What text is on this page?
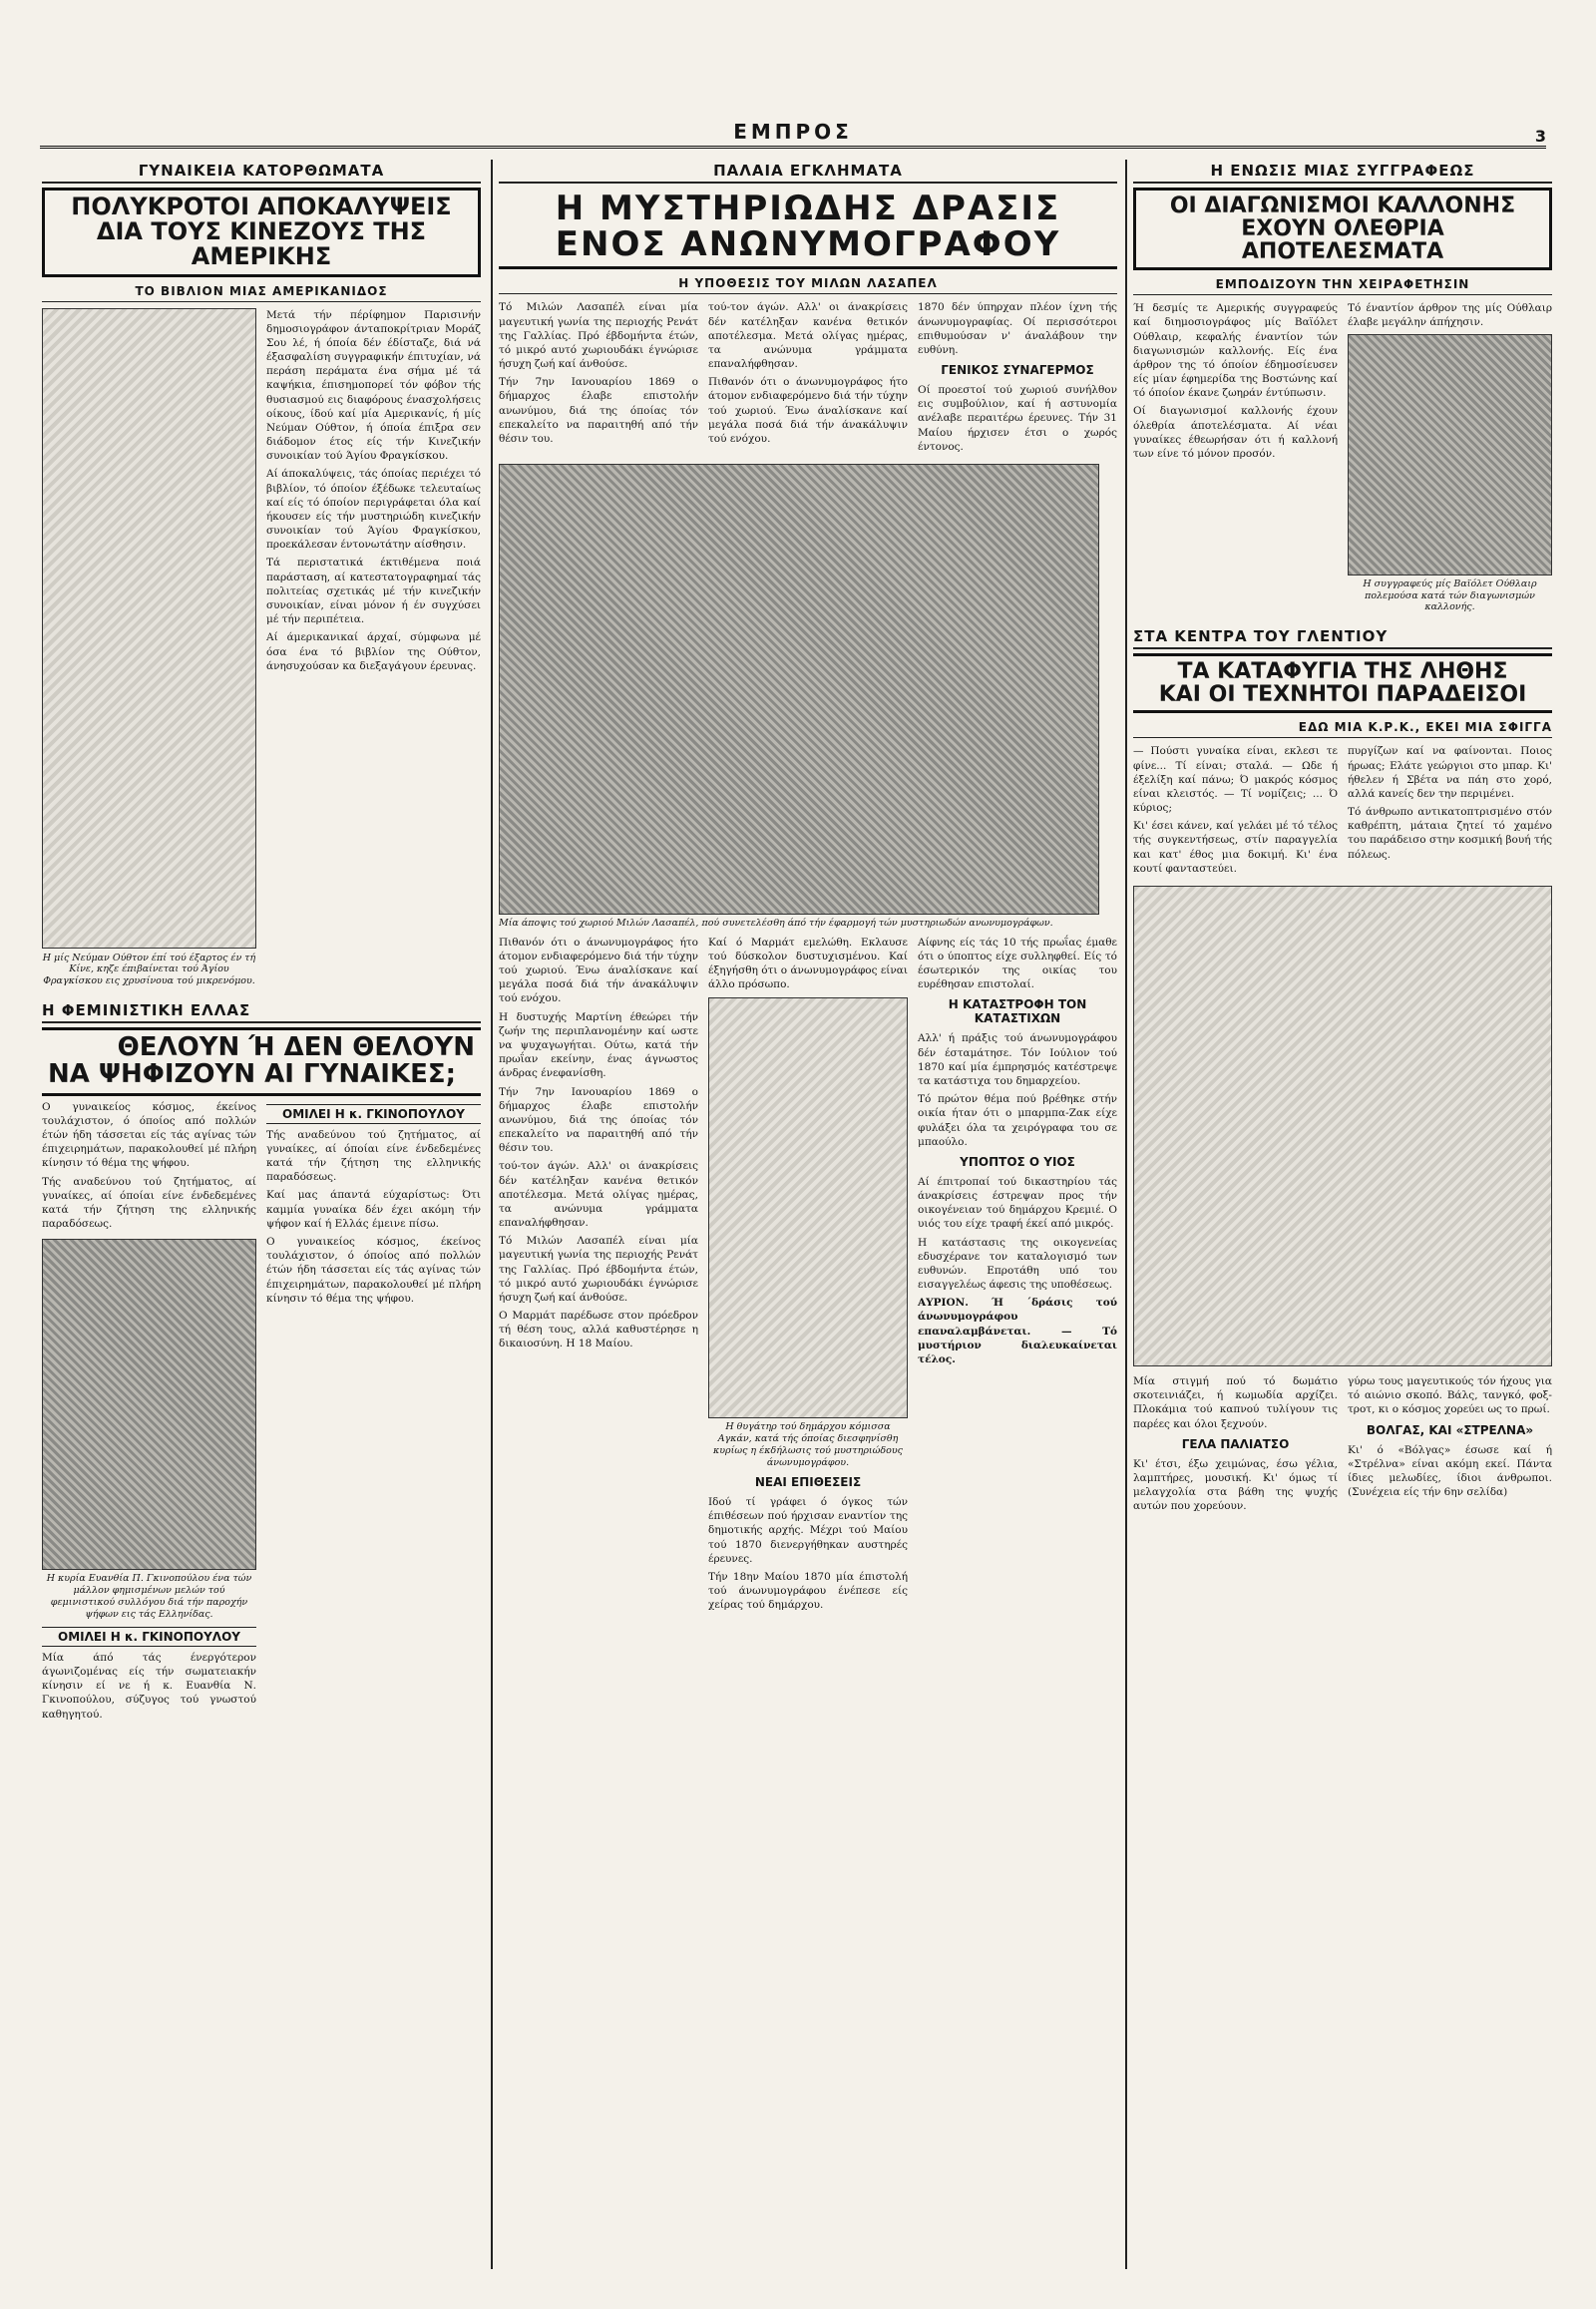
ΕΜΠΡΟΣ	3
ΓΥΝΑΙΚΕΙΑ ΚΑΤΟΡΘΩΜΑΤΑ
ΠΟΛΥΚΡΟΤΟΙ ΑΠΟΚΑΛΥΨΕΙΣ
ΔΙΑ ΤΟΥΣ ΚΙΝΕΖΟΥΣ ΤΗΣ ΑΜΕΡΙΚΗΣ
ΤΟ ΒΙΒΛΙΟΝ ΜΙΑΣ ΑΜΕΡΙΚΑΝΙΔΟΣ

Η μίς Νεύμαν Ούθτον έπί τού έξαρτος έν τή Κίνε, κηζε έπιβαίνεται τού Άγίου Φραγκίσκου εις χρυσίνουα τού μικρενόμου.

Μετά τήν πέρίφημον Παρισινήν δημοσιογράφον άνταποκρίτριαν Μοράζ Σου λέ, ή όποία δέν έδίσταζε, διά νά έξασφαλίση συγγραφικήν έπιτυχίαν, νά περάση περάματα ένα σήμα μέ τά καψήκια, έπισημοπορεί τόν φόβον τής θυσιασμού εις διαφόρους ένασχολήσεις οίκους, ίδού καί μία Αμερικανίς, ή μίς Νεύμαν Ούθτον, ή όποία έπιξρα σεν διάδομον έτος είς τήν Κινεζικήν συνοικίαν τού Άγίου Φραγκίσκου.

Αί άποκαλύψεις, τάς όποίας περιέχει τό βιβλίον, τό όποίον έξέδωκε τελευταίως καί είς τό όποίον περιγράφεται όλα καί ήκουσεν είς τήν μυστηριώδη κινεζικήν συνοικίαν τού Άγίου Φραγκίσκου, προεκάλεσαν έντονωτάτην αίσθησιν.

Τά περιστατικά έκτιθέμενα ποιά παράσταση, αί κατεστατογραφημαί τάς πολιτείας σχετικάς μέ τήν κινεζικήν συνοικίαν, είναι μόνον ή έν συγχύσει μέ τήν περιπέτεια.

Αί άμερικανικαί άρχαί, σύμφωνα μέ όσα ένα τό βιβλίον της Ούθτον, άνησυχούσαν κα διεξαγάγουν έρευνας.

Η ΦΕΜΙΝΙΣΤΙΚΗ ΕΛΛΑΣ
ΘΕΛΟΥΝ Ή ΔΕΝ ΘΕΛΟΥΝ
ΝΑ ΨΗΦΙΖΟΥΝ ΑΙ ΓΥΝΑΙΚΕΣ;

Ο γυναικείος κόσμος, έκείνος τουλάχιστον, ό όποίος από πολλών έτών ήδη τάσσεται είς τάς αγίνας τών έπιχειρημάτων, παρακολουθεί μέ πλήρη κίνησιν τό θέμα της ψήφου.

Τής αναδεύνου τού ζητήματος, αί γυναίκες, αί όποίαι είνε ένδεδεμένες κατά τήν ζήτηση της ελληνικής παραδόσεως.

Η κυρία Ευανθία Π. Γκινοπούλου ένα τών μάλλον φημισμένων μελών τού φεμινιστικού συλλόγου διά τήν παροχήν ψήφων εις τάς Ελληνίδας.

ΟΜΙΛΕΙ Η κ. ΓΚΙΝΟΠΟΥΛΟΥ

Μία άπό τάς ένεργότερον άγωνιζομένας είς τήν σωματειακήν κίνησιν εί νε ή κ. Ευανθία Ν. Γκινοπούλου, σύζυγος τού γνωστού καθηγητού.

ΟΜΙΛΕΙ Η κ. ΓΚΙΝΟΠΟΥΛΟΥ

Τής αναδεύνου τού ζητήματος, αί γυναίκες, αί όποίαι είνε ένδεδεμένες κατά τήν ζήτηση της ελληνικής παραδόσεως.

Καί μας άπαντά εύχαρίστως: Ότι καμμία γυναίκα δέν έχει ακόμη τήν ψήφον καί ή Ελλάς έμεινε πίσω.

Ο γυναικείος κόσμος, έκείνος τουλάχιστον, ό όποίος από πολλών έτών ήδη τάσσεται είς τάς αγίνας τών έπιχειρημάτων, παρακολουθεί μέ πλήρη κίνησιν τό θέμα της ψήφου.

ΠΑΛΑΙΑ ΕΓΚΛΗΜΑΤΑ
Η ΜΥΣΤΗΡΙΩΔΗΣ ΔΡΑΣΙΣ
ΕΝΟΣ ΑΝΩΝΥΜΟΓΡΑΦΟΥ
Η ΥΠΟΘΕΣΙΣ ΤΟΥ ΜΙΛΩΝ ΛΑΣΑΠΕΛ

Τό Μιλών Λασαπέλ είναι μία μαγευτική γωνία της περιοχής Ρενάτ της Γαλλίας. Πρό έβδομήντα έτών, τό μικρό αυτό χωριουδάκι έγνώρισε ήσυχη ζωή καί άνθούσε.

Τήν 7ην Ιανουαρίου 1869 ο δήμαρχος έλαβε επιστολήν ανωνύμου, διά της όποίας τόν επεκαλείτο να παραιτηθή από τήν θέσιν του.

τού-τον άγών. Αλλ' οι άνακρίσεις δέν κατέληξαν κανένα θετικόν αποτέλεσμα. Μετά ολίγας ημέρας, τα ανώνυμα γράμματα επαναλήφθησαν.

Πιθανόν ότι ο άνωνυμογράφος ήτο άτομον ενδιαφερόμενο διά τήν τύχην τού χωριού. Ένω άναλίσκανε καί μεγάλα ποσά διά τήν άνακάλυψιν τού ενόχου.

1870 δέν ύπηρχαν πλέον ίχνη τής άνωνυμογραφίας. Οί περισσότεροι επιθυμούσαν ν' άναλάβουν την ευθύνη.

ΓΕΝΙΚΟΣ ΣΥΝΑΓΕΡΜΟΣ

Οί προεστοί τού χωριού συνήλθον εις συμβούλιον, καί ή αστυνομία ανέλαβε περαιτέρω έρευνες. Τήν 31 Μαίου ήρχισεν έτσι ο χωρός έντονος.

Μία άποψις τού χωριού Μιλών Λασαπέλ, πού συνετελέσθη άπό τήν έφαρμογή τών μυστηριωδών ανωνυμογράφων.

Πιθανόν ότι ο άνωνυμογράφος ήτο άτομον ενδιαφερόμενο διά τήν τύχην τού χωριού. Ένω άναλίσκανε καί μεγάλα ποσά διά τήν άνακάλυψιν τού ενόχου.

Η δυστυχής Μαρτίνη έθεώρει τήν ζωήν της περιπλανομένην καί ωστε να ψυχαγωγήται. Ούτω, κατά τήν πρωΐαν εκείνην, ένας άγνωστος άνδρας ένεφανίσθη.

Τήν 7ην Ιανουαρίου 1869 ο δήμαρχος έλαβε επιστολήν ανωνύμου, διά της όποίας τόν επεκαλείτο να παραιτηθή από τήν θέσιν του.

τού-τον άγών. Αλλ' οι άνακρίσεις δέν κατέληξαν κανένα θετικόν αποτέλεσμα. Μετά ολίγας ημέρας, τα ανώνυμα γράμματα επαναλήφθησαν.

Τό Μιλών Λασαπέλ είναι μία μαγευτική γωνία της περιοχής Ρενάτ της Γαλλίας. Πρό έβδομήντα έτών, τό μικρό αυτό χωριουδάκι έγνώρισε ήσυχη ζωή καί άνθούσε.

Ο Μαρμάτ παρέδωσε στον πρόεδρον τή θέση τους, αλλά καθυστέρησε η δικαιοσύνη. Η 18 Μαίου.

Καί ό Μαρμάτ εμελώθη. Εκλαυσε τού δύσκολον δυστυχισμένου. Καί έξηγήσθη ότι ο άνωνυμογράφος είναι άλλο πρόσωπο.

Η θυγάτηρ τού δημάρχου κόμισσα Αγκάν, κατά τής όποίας διεσφηνίσθη κυρίως η έκδήλωσις τού μυστηριώδους άνωνυμογράφου.

ΝΕΑΙ ΕΠΙΘΕΣΕΙΣ

Ιδού τί γράφει ό όγκος τών έπιθέσεων πού ήρχισαν εναντίον της δημοτικής αρχής. Μέχρι τού Μαίου τού 1870 διενεργήθηκαν αυστηρές έρευνες.

Τήν 18ην Μαίου 1870 μία έπιστολή τού άνωνυμογράφου ένέπεσε είς χείρας τού δημάρχου.

Αίφνης είς τάς 10 τής πρωΐας έμαθε ότι ο ύποπτος είχε συλληφθεί. Είς τό έσωτερικόν της οικίας του ευρέθησαν επιστολαί.

Η ΚΑΤΑΣΤΡΟΦΗ ΤΟΝ ΚΑΤΑΣΤΙΧΩΝ

Αλλ' ή πράξις τού άνωνυμογράφου δέν έσταμάτησε. Τόν Ιούλιον τού 1870 καί μία έμπρησμός κατέστρεψε τα κατάστιχα του δημαρχείου.

Τό πρώτον θέμα πού βρέθηκε στήν οικία ήταν ότι ο μπαρμπα-Ζακ είχε φυλάξει όλα τα χειρόγραφα του σε μπαούλο.

ΥΠΟΠΤΟΣ Ο ΥΙΟΣ

Αί έπιτροπαί τού δικαστηρίου τάς άνακρίσεις έστρεψαν προς τήν οικογένειαν τού δημάρχου Κρεμιέ. Ο υιός του είχε τραφή έκεί από μικρός.

Η κατάστασις της οικογενείας εδυσχέρανε τον καταλογισμό των ευθυνών. Επροτάθη υπό του εισαγγελέως άφεσις της υποθέσεως.

ΑΥΡΙΟΝ. Ή ΄δράσις τού άνωνυμογράφου επαναλαμβάνεται. — Τό μυστήριον διαλευκαίνεται τέλος.

Η ΕΝΩΣΙΣ ΜΙΑΣ ΣΥΓΓΡΑΦΕΩΣ
ΟΙ ΔΙΑΓΩΝΙΣΜΟΙ ΚΑΛΛΟΝΗΣ
ΕΧΟΥΝ ΟΛΕΘΡΙΑ ΑΠΟΤΕΛΕΣΜΑΤΑ
ΕΜΠΟΔΙΖΟΥΝ ΤΗΝ ΧΕΙΡΑΦΕΤΗΣΙΝ

Ή δεσμίς τε Αμερικής συγγραφεύς καί διημοσιογράφος μίς Βαϊόλετ Ούθλαιρ, κεφαλής έναντίον τών διαγωνισμών καλλονής. Είς ένα άρθρον της τό όποίον έδημοσίευσεν είς μίαν έφημερίδα της Βοστώνης καί τό όποίον έκανε ζωηράν έντύπωσιν.

Οί διαγωνισμοί καλλονής έχουν όλεθρία άποτελέσματα. Αί νέαι γυναίκες έθεωρήσαν ότι ή καλλονή των είνε τό μόνον προσόν.

Τό έναντίον άρθρον της μίς Ούθλαιρ έλαβε μεγάλην άπήχησιν.

Η συγγραφεύς μίς Βαϊόλετ Ούθλαιρ πολεμούσα κατά τών διαγωνισμών καλλονής.

ΣΤΑ ΚΕΝΤΡΑ ΤΟΥ ΓΛΕΝΤΙΟΥ
ΤΑ ΚΑΤΑΦΥΓΙΑ ΤΗΣ ΛΗΘΗΣ
ΚΑΙ ΟΙ ΤΕΧΝΗΤΟΙ ΠΑΡΑΔΕΙΣΟΙ
ΕΔΩ ΜΙΑ Κ.Ρ.Κ., ΕΚΕΙ ΜΙΑ ΣΦΙΓΓΑ

— Πούστι γυναίκα είναι, εκλεσι τε φίνε... Τί είναι; σταλά. — Ωδε ή έξελίξη καί πάνω; Ό μακρός κόσμος είναι κλειστός. — Τί νομίζεις; ... Ό κύριος;

Κι' έσει κάνεν, καί γελάει μέ τό τέλος τής συγκεντήσεως, στίν παραγγελία και κατ' έθος μια δοκιμή. Κι' ένα κουτί φανταστεύει.

πυργίζων καί να φαίνονται. Ποιος ήρωας; Ελάτε γεώργιοι στο μπαρ. Κι' ήθελεν ή Σβέτα να πάη στο χορό, αλλά κανείς δεν την περιμένει.

Τό άνθρωπο αντικατοπτρισμένο στόν καθρέπτη, μάταια ζητεί τό χαμένο του παράδεισο στην κοσμική βουή τής πόλεως.

Μία στιγμή πού τό δωμάτιο σκοτεινιάζει, ή κωμωδία αρχίζει. Πλοκάμια τού καπνού τυλίγουν τις παρέες και όλοι ξεχνούν.

ΓΕΛΑ ΠΑΛΙΑΤΣΟ

Κι' έτσι, έξω χειμώνας, έσω γέλια, λαμπτήρες, μουσική. Κι' όμως τί μελαγχολία στα βάθη της ψυχής αυτών που χορεύουν.

γύρω τους μαγευτικούς τόν ήχους για τό αιώνιο σκοπό. Βάλς, τανγκό, φοξ-τροτ, κι ο κόσμος χορεύει ως το πρωί.

ΒΟΛΓΑΣ, ΚΑΙ «ΣΤΡΕΛΝΑ»

Κι' ό «Βόλγας» έσωσε καί ή «Στρέλνα» είναι ακόμη εκεί. Πάντα ίδιες μελωδίες, ίδιοι άνθρωποι. (Συνέχεια είς τήν 6ην σελίδα)
